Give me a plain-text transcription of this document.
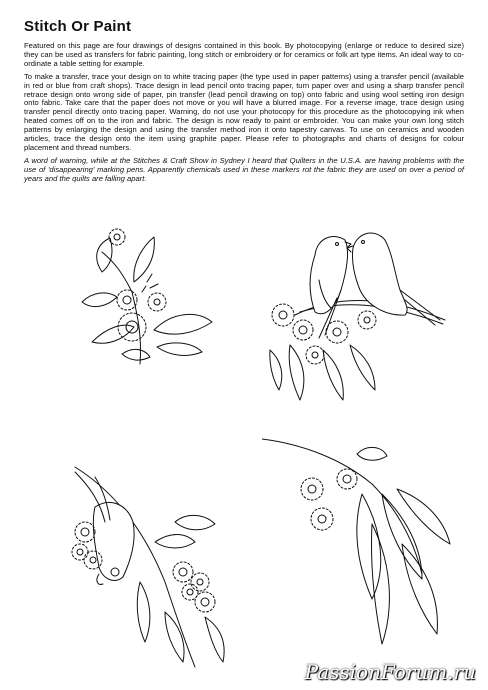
Stitch Or Paint

Featured on this page are four drawings of designs contained in this book. By photocopying (enlarge or reduce to desired size) they can be used as transfers for fabric painting, long stitch or embroidery or for ceramics or folk art type items. An ideal way to co-ordinate a table setting for example.

To make a transfer, trace your design on to white tracing paper (the type used in paper patterns) using a transfer pencil (available in red or blue from craft shops). Trace design in lead pencil onto tracing paper, turn paper over and using a sharp transfer pencil retrace design onto wrong side of paper, pin transfer (lead pencil drawing on top) onto fabric and using wool setting iron design onto fabric. Take care that the paper does not move or you will have a blurred image. For a reverse image, trace design using transfer pencil directly onto tracing paper. Warning, do not use your photocopy for this procedure as the photocopying ink when heated comes off on to the iron and fabric. The design is now ready to paint or embroider. You can make your own long stitch patterns by enlarging the design and using the transfer method iron it onto tapestry canvas. To use on ceramics and wooden articles, trace the design onto the item using graphite paper. Please refer to photographs and charts of designs for colour placement and thread numbers.

A word of warning, while at the Stitches & Craft Show in Sydney I heard that Quilters in the U.S.A. are having problems with the use of 'disappearing' marking pens. Apparently chemicals used in these markers rot the fabric they are used on over a period of years and the quilts are falling apart.

PassionForum.ru
